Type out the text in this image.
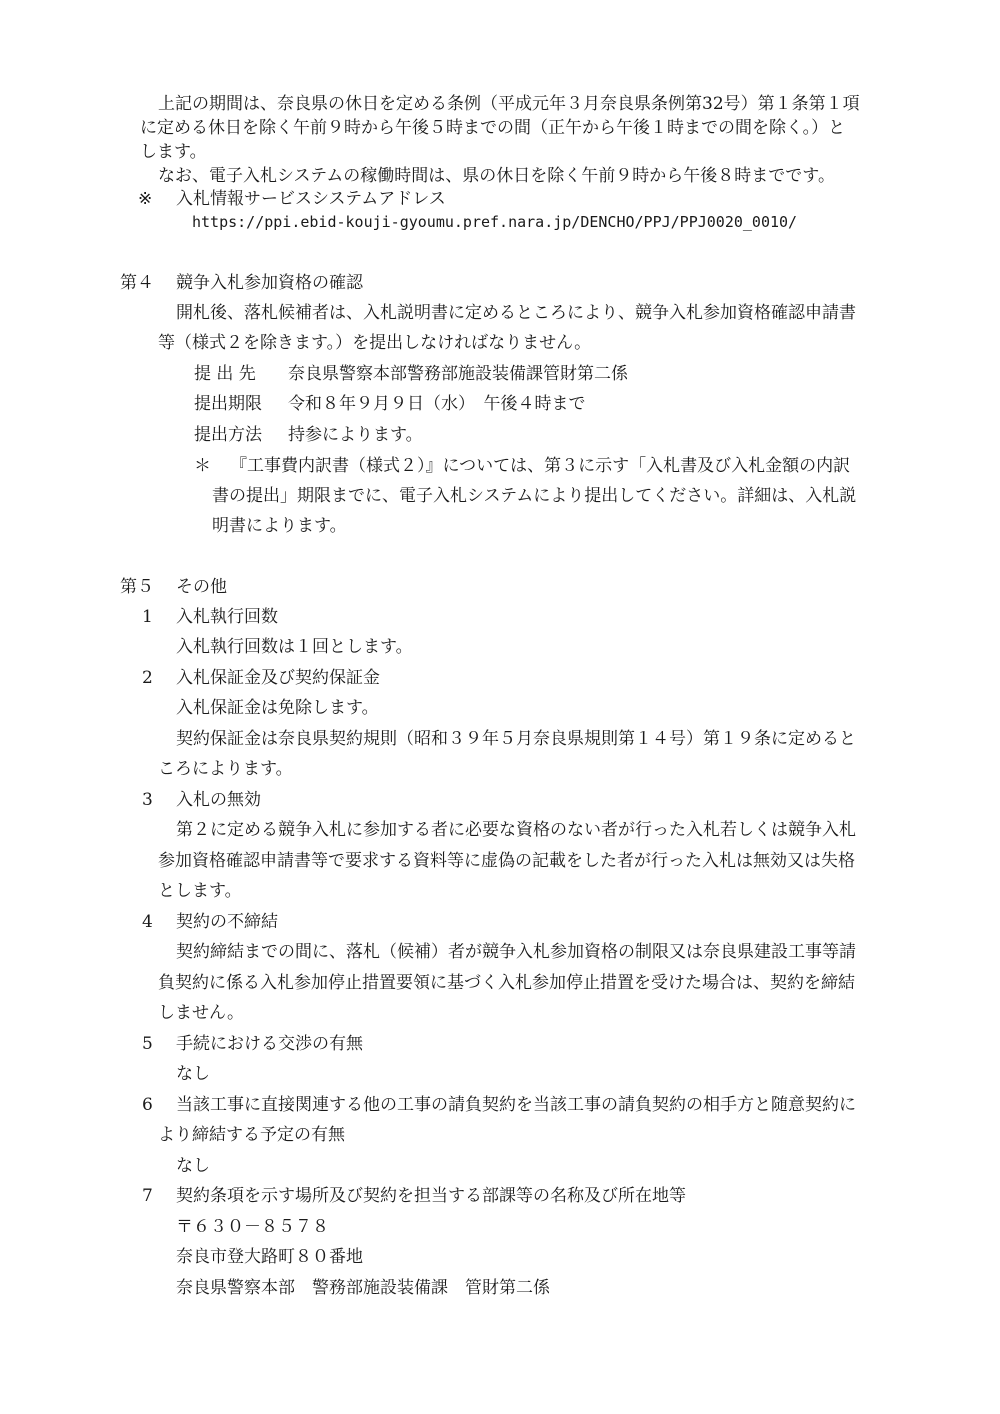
上記の期間は、奈良県の休日を定める条例（平成元年３月奈良県条例第32号）第１条第１項
に定める休日を除く午前９時から午後５時までの間（正午から午後１時までの間を除く。）と
します。
なお、電子入札システムの稼働時間は、県の休日を除く午前９時から午後８時までです。
※ 入札情報サービスシステムアドレス
https://ppi.ebid-kouji-gyoumu.pref.nara.jp/DENCHO/PPJ/PPJ0020_0010/
第４ 競争入札参加資格の確認
開札後、落札候補者は、入札説明書に定めるところにより、競争入札参加資格確認申請書
等（様式２を除きます。）を提出しなければなりません。
提 出 先 奈良県警察本部警務部施設装備課管財第二係
提出期限 令和８年９月９日（水）　午後４時まで
提出方法 持参によります。
＊ 『工事費内訳書（様式２）』については、第３に示す「入札書及び入札金額の内訳
書の提出」期限までに、電子入札システムにより提出してください。詳細は、入札説
明書によります。
第５ その他
1 入札執行回数
入札執行回数は１回とします。
2 入札保証金及び契約保証金
入札保証金は免除します。
契約保証金は奈良県契約規則（昭和３９年５月奈良県規則第１４号）第１９条に定めると
ころによります。
3 入札の無効
第２に定める競争入札に参加する者に必要な資格のない者が行った入札若しくは競争入札
参加資格確認申請書等で要求する資料等に虚偽の記載をした者が行った入札は無効又は失格
とします。
4 契約の不締結
契約締結までの間に、落札（候補）者が競争入札参加資格の制限又は奈良県建設工事等請
負契約に係る入札参加停止措置要領に基づく入札参加停止措置を受けた場合は、契約を締結
しません。
5 手続における交渉の有無
なし
6 当該工事に直接関連する他の工事の請負契約を当該工事の請負契約の相手方と随意契約に
より締結する予定の有無
なし
7 契約条項を示す場所及び契約を担当する部課等の名称及び所在地等
〒６３０－８５７８
奈良市登大路町８０番地
奈良県警察本部　警務部施設装備課　管財第二係
